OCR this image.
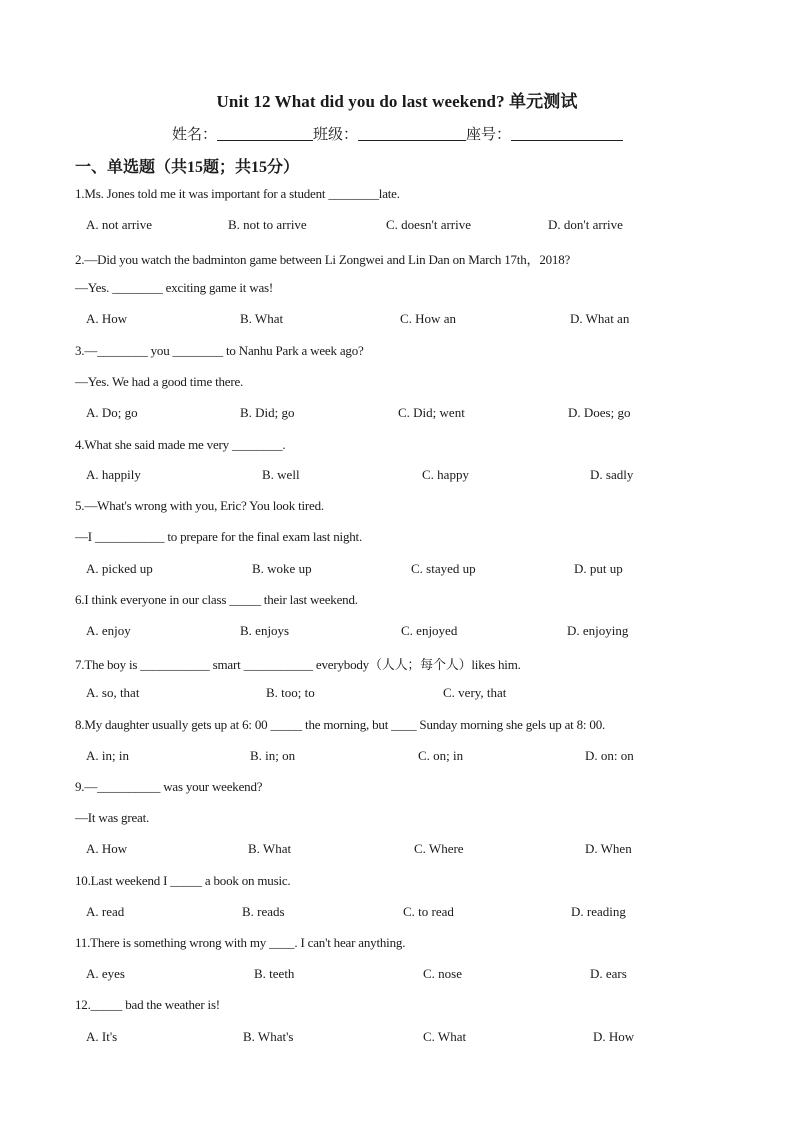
Unit 12 What did you do last weekend? 单元测试
姓名：	班级：	座号：
一、单选题（共15题；共15分）
1.Ms. Jones told me it was important for a student ________late.
A. not arrive	B. not to arrive	C. doesn't arrive	D. don't arrive
2.—Did you watch the badminton game between Li Zongwei and Lin Dan on March 17th，2018?
—Yes. ________ exciting game it was!
A. How	B. What	C. How an	D. What an
3.—________ you ________ to Nanhu Park a week ago?
—Yes. We had a good time there.
A. Do; go	B. Did; go	C. Did; went	D. Does; go
4.What she said made me very ________.
A. happily	B. well	C. happy	D. sadly
5.—What's wrong with you, Eric? You look tired.
—I ___________ to prepare for the final exam last night.
A. picked up	B. woke up	C. stayed up	D. put up
6.I think everyone in our class _____ their last weekend.
A. enjoy	B. enjoys	C. enjoyed	D. enjoying
7.The boy is ___________ smart ___________ everybody（人人；每个人）likes him.
A. so, that	B. too; to	C. very, that
8.My daughter usually gets up at 6: 00 _____ the morning, but ____ Sunday morning she gels up at 8: 00.
A. in; in	B. in; on	C. on; in	D. on: on
9.—__________ was your weekend?
—It was great.
A. How	B. What	C. Where	D. When
10.Last weekend I _____ a book on music.
A. read	B. reads	C. to read	D. reading
11.There is something wrong with my ____. I can't hear anything.
A. eyes	B. teeth	C. nose	D. ears
12._____ bad the weather is!
A. It's	B. What's	C. What	D. How
